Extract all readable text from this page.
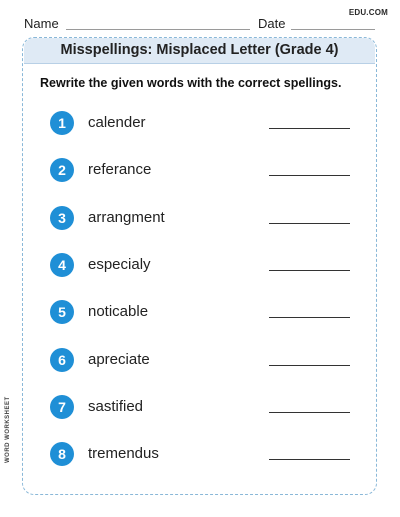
Name	Date
EDU.COM
Misspellings: Misplaced Letter (Grade 4)
Rewrite the given words with the correct spellings.
1	calender
2	referance
3	arrangment
4	especialy
5	noticable
6	apreciate
7	sastified
8	tremendus
WORD WORKSHEET
